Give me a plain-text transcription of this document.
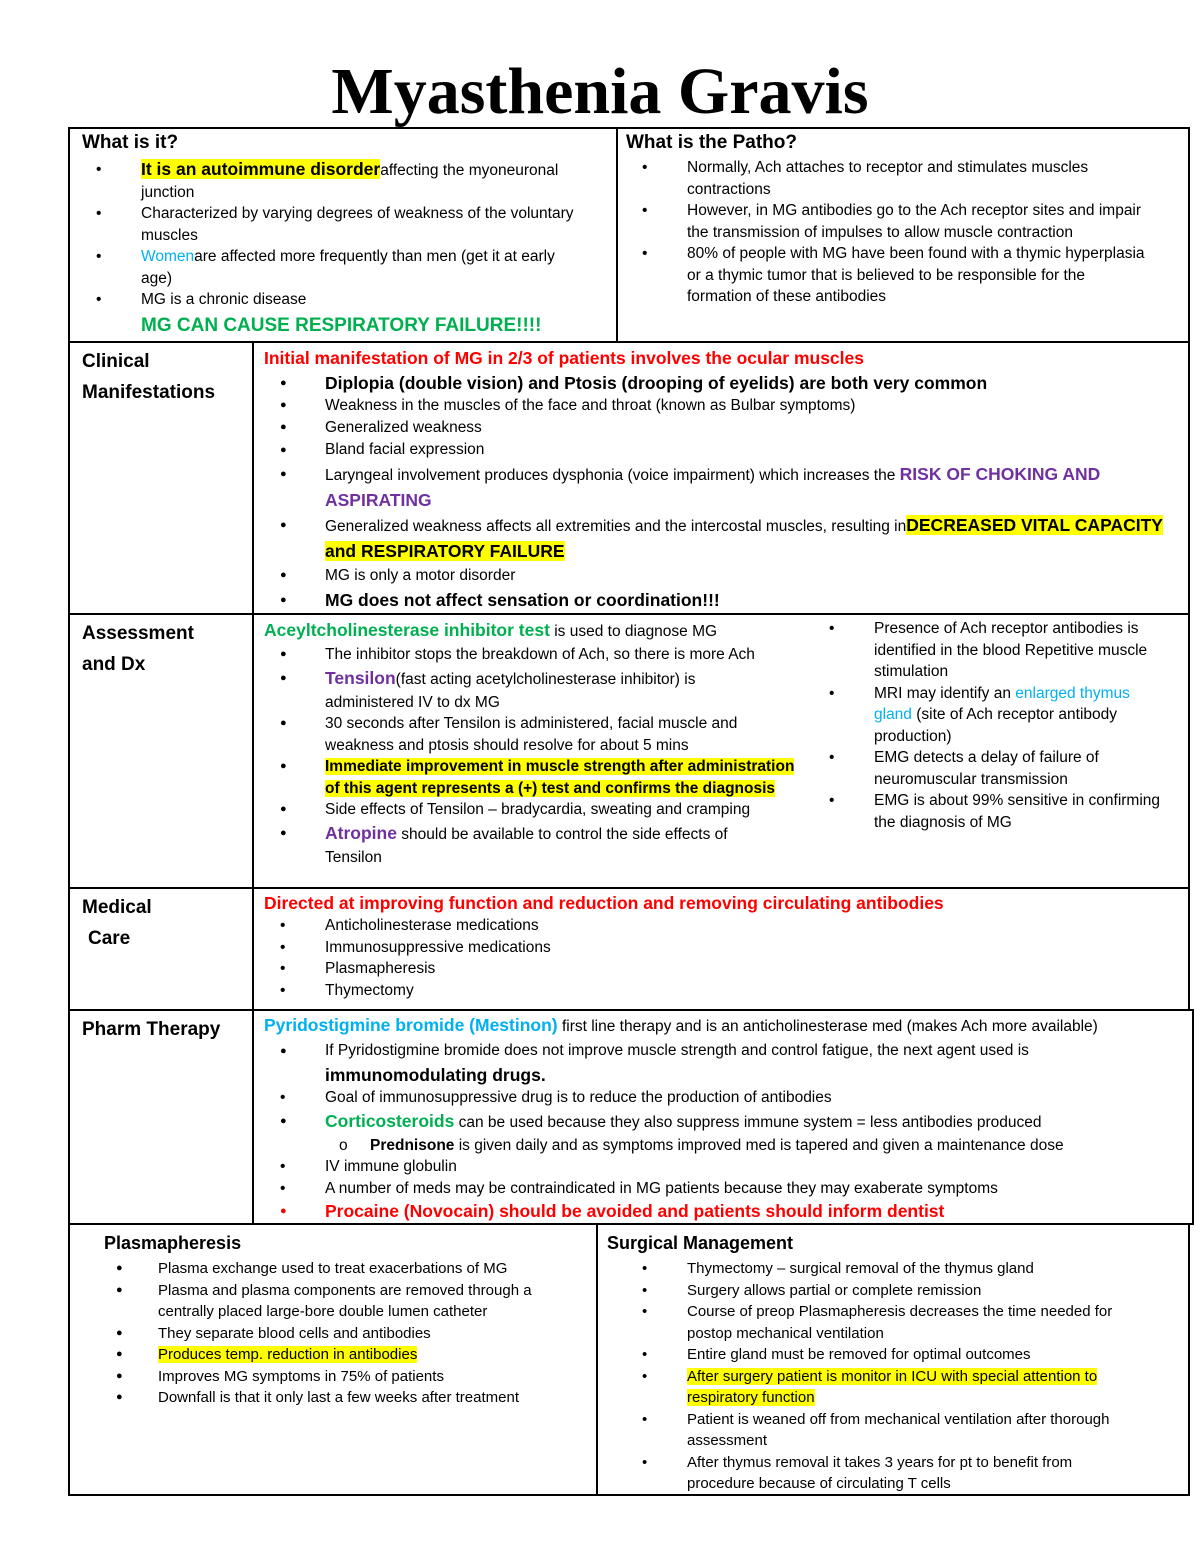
Myasthenia Gravis
What is it?
• It is an autoimmune disorderaffecting the myoneuronal
junction
• Characterized by varying degrees of weakness of the voluntary
muscles
• Womenare affected more frequently than men (get it at early
age)
• MG is a chronic disease
MG CAN CAUSE RESPIRATORY FAILURE!!!!
What is the Patho?
• Normally, Ach attaches to receptor and stimulates muscles
contractions
• However, in MG antibodies go to the Ach receptor sites and impair
the transmission of impulses to allow muscle contraction
• 80% of people with MG have been found with a thymic hyperplasia
or a thymic tumor that is believed to be responsible for the
formation of these antibodies
Clinical
Manifestations
Initial manifestation of MG in 2/3 of patients involves the ocular muscles
● Diplopia (double vision) and Ptosis (drooping of eyelids) are both very common
● Weakness in the muscles of the face and throat (known as Bulbar symptoms)
● Generalized weakness
● Bland facial expression
● Laryngeal involvement produces dysphonia (voice impairment) which increases the RISK OF CHOKING AND
ASPIRATING
● Generalized weakness affects all extremities and the intercostal muscles, resulting inDECREASED VITAL CAPACITY
and RESPIRATORY FAILURE
● MG is only a motor disorder
● MG does not affect sensation or coordination!!!
Assessment
and Dx
Aceyltcholinesterase inhibitor test is used to diagnose MG
● The inhibitor stops the breakdown of Ach, so there is more Ach
● Tensilon(fast acting acetylcholinesterase inhibitor) is
administered IV to dx MG
● 30 seconds after Tensilon is administered, facial muscle and
weakness and ptosis should resolve for about 5 mins
● Immediate improvement in muscle strength after administration
of this agent represents a (+) test and confirms the diagnosis
● Side effects of Tensilon – bradycardia, sweating and cramping
● Atropine should be available to control the side effects of
Tensilon
• Presence of Ach receptor antibodies is
identified in the blood Repetitive muscle
stimulation
• MRI may identify an enlarged thymus
gland (site of Ach receptor antibody
production)
• EMG detects a delay of failure of
neuromuscular transmission
• EMG is about 99% sensitive in confirming
the diagnosis of MG
Medical
Care
Directed at improving function and reduction and removing circulating antibodies
• Anticholinesterase medications
• Immunosuppressive medications
• Plasmapheresis
• Thymectomy
Pharm Therapy	Pyridostigmine bromide (Mestinon) first line therapy and is an anticholinesterase med (makes Ach more available)
● If Pyridostigmine bromide does not improve muscle strength and control fatigue, the next agent used is
immunomodulating drugs.
• Goal of immunosuppressive drug is to reduce the production of antibodies
● Corticosteroids can be used because they also suppress immune system = less antibodies produced
o Prednisone is given daily and as symptoms improved med is tapered and given a maintenance dose
• IV immune globulin
• A number of meds may be contraindicated in MG patients because they may exaberate symptoms
● Procaine (Novocain) should be avoided and patients should inform dentist
Plasmapheresis
● Plasma exchange used to treat exacerbations of MG
● Plasma and plasma components are removed through a
centrally placed large-bore double lumen catheter
● They separate blood cells and antibodies
● Produces temp. reduction in antibodies
● Improves MG symptoms in 75% of patients
● Downfall is that it only last a few weeks after treatment
Surgical Management
• Thymectomy – surgical removal of the thymus gland
• Surgery allows partial or complete remission
• Course of preop Plasmapheresis decreases the time needed for
postop mechanical ventilation
• Entire gland must be removed for optimal outcomes
• After surgery patient is monitor in ICU with special attention to
respiratory function
• Patient is weaned off from mechanical ventilation after thorough
assessment
• After thymus removal it takes 3 years for pt to benefit from
procedure because of circulating T cells
